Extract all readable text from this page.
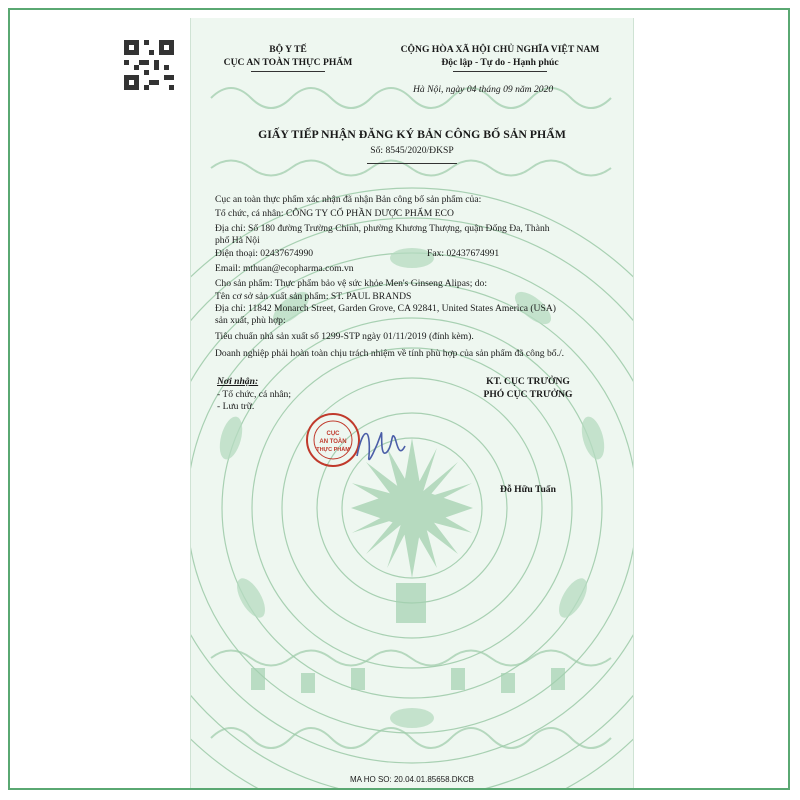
BỘ Y TẾ
CỤC AN TOÀN THỰC PHẨM
CỘNG HÒA XÃ HỘI CHỦ NGHĨA VIỆT NAM
Độc lập - Tự do - Hạnh phúc
Hà Nội, ngày 04 tháng 09 năm 2020
GIẤY TIẾP NHẬN ĐĂNG KÝ BẢN CÔNG BỐ SẢN PHẨM
Số: 8545/2020/ĐKSP
Cục an toàn thực phẩm xác nhận đã nhận Bản công bố sản phẩm của:
Tổ chức, cá nhân: CÔNG TY CỔ PHẦN DƯỢC PHẨM ECO
Địa chỉ: Số 180 đường Trường Chinh, phường Khương Thượng, quận Đống Đa, Thành
phố Hà Nội
Điện thoại: 02437674990	Fax: 02437674991
Email: mthuan@ecopharma.com.vn
Cho sản phẩm: Thực phẩm bảo vệ sức khỏe Men's Ginseng Alipas; do:
Tên cơ sở sản xuất sản phẩm: ST. PAUL BRANDS
Địa chỉ: 11842 Monarch Street, Garden Grove, CA 92841, United States America (USA)
sản xuất, phù hợp:
Tiêu chuẩn nhà sản xuất số 1299-STP ngày 01/11/2019 (đính kèm).
Doanh nghiệp phải hoàn toàn chịu trách nhiệm về tính phù hợp của sản phẩm đã công bố./.
Nơi nhận:
- Tổ chức, cá nhân;
- Lưu trữ.
KT. CỤC TRƯỞNG
PHÓ CỤC TRƯỞNG
CỤC
AN TOÀN
THỰC PHẨM
Đỗ Hữu Tuấn
MA HO SO: 20.04.01.85658.DKCB
